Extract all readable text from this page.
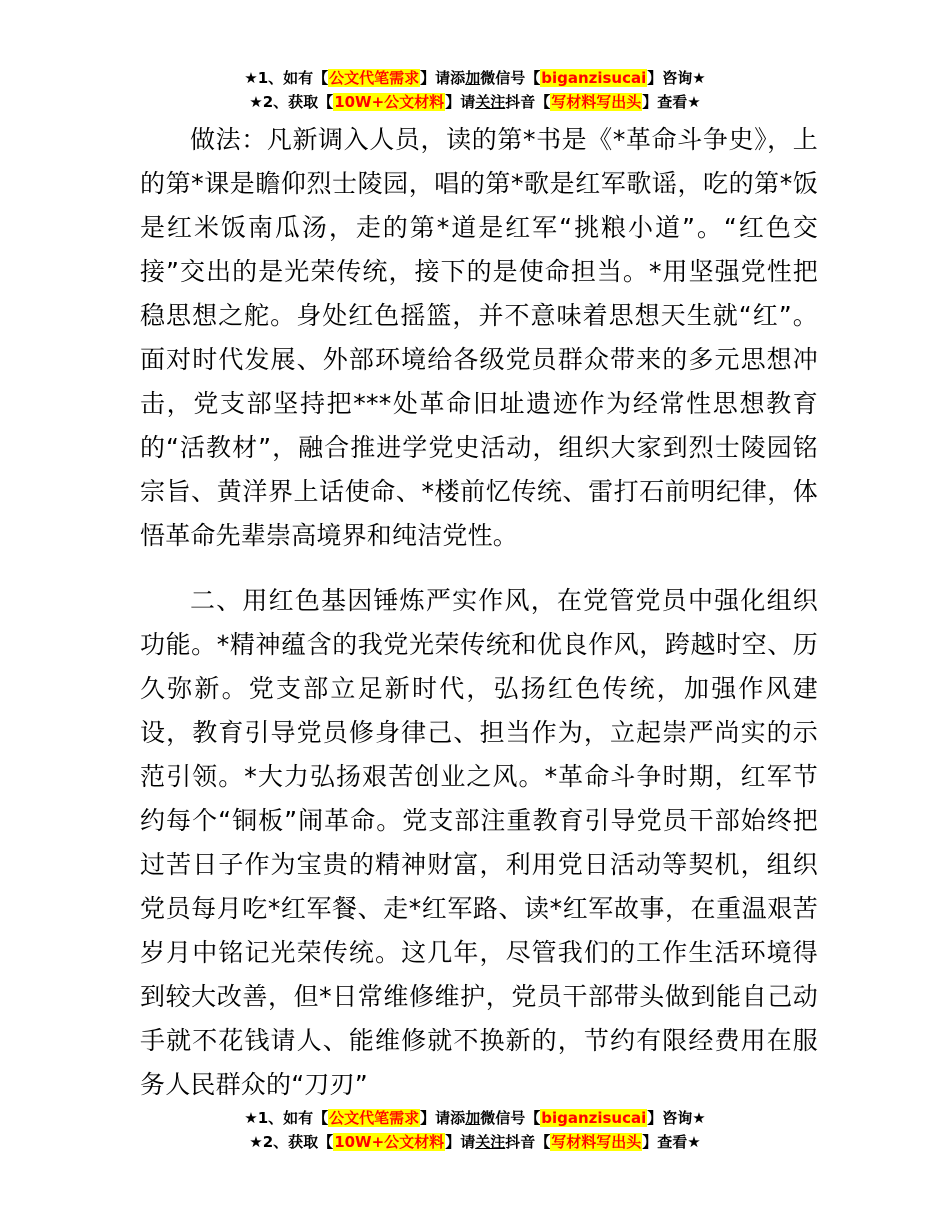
★1、如有【公文代笔需求】请添加微信号【biganzisucai】咨询★
★2、获取【10W+公文材料】请关注抖音【写材料写出头】查看★

做法：凡新调入人员，读的第*书是《*革命斗争史》，上的第*课是瞻仰烈士陵园，唱的第*歌是红军歌谣，吃的第*饭是红米饭南瓜汤，走的第*道是红军“挑粮小道”。“红色交接”交出的是光荣传统，接下的是使命担当。*用坚强党性把稳思想之舵。身处红色摇篮，并不意味着思想天生就“红”。面对时代发展、外部环境给各级党员群众带来的多元思想冲击，党支部坚持把***处革命旧址遗迹作为经常性思想教育的“活教材”，融合推进学党史活动，组织大家到烈士陵园铭宗旨、黄洋界上话使命、*楼前忆传统、雷打石前明纪律，体悟革命先辈崇高境界和纯洁党性。

二、用红色基因锤炼严实作风，在党管党员中强化组织功能。*精神蕴含的我党光荣传统和优良作风，跨越时空、历久弥新。党支部立足新时代，弘扬红色传统，加强作风建设，教育引导党员修身律己、担当作为，立起崇严尚实的示范引领。*大力弘扬艰苦创业之风。*革命斗争时期，红军节约每个“铜板”闹革命。党支部注重教育引导党员干部始终把过苦日子作为宝贵的精神财富，利用党日活动等契机，组织党员每月吃*红军餐、走*红军路、读*红军故事，在重温艰苦岁月中铭记光荣传统。这几年，尽管我们的工作生活环境得到较大改善，但*日常维修维护，党员干部带头做到能自己动手就不花钱请人、能维修就不换新的，节约有限经费用在服务人民群众的“刀刃”

★1、如有【公文代笔需求】请添加微信号【biganzisucai】咨询★
★2、获取【10W+公文材料】请关注抖音【写材料写出头】查看★
